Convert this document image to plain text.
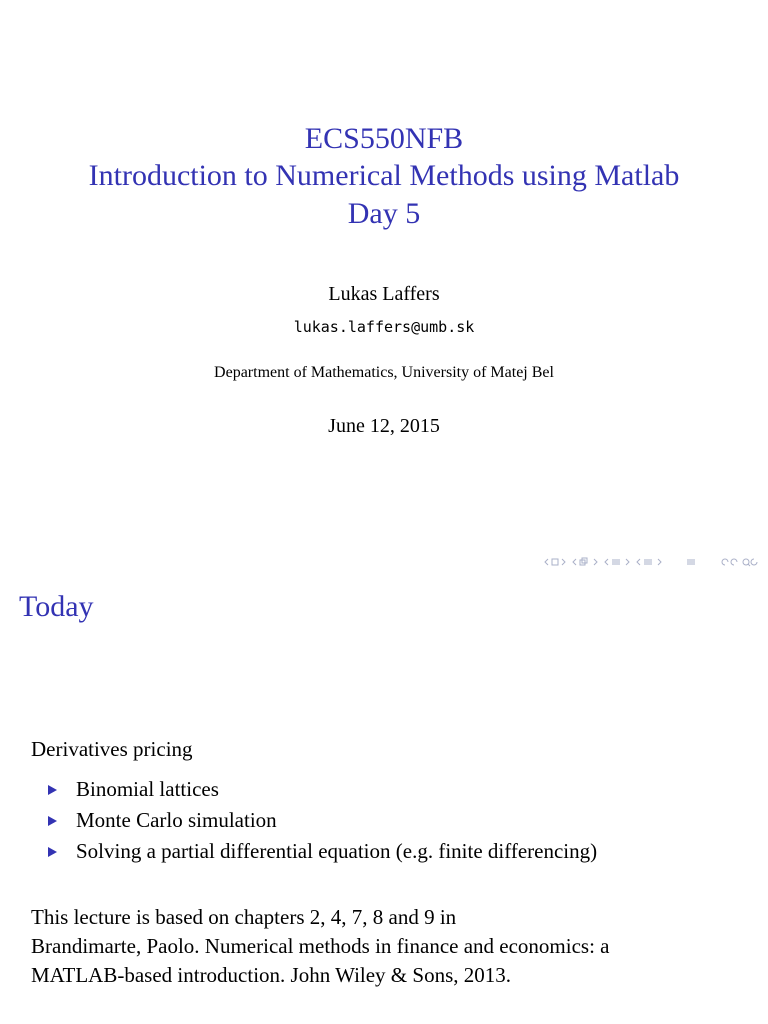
ECS550NFB
Introduction to Numerical Methods using Matlab
Day 5
Lukas Laffers
lukas.laffers@umb.sk
Department of Mathematics, University of Matej Bel
June 12, 2015
Today
Derivatives pricing
Binomial lattices
Monte Carlo simulation
Solving a partial differential equation (e.g. finite differencing)
This lecture is based on chapters 2, 4, 7, 8 and 9 in
Brandimarte, Paolo. Numerical methods in finance and economics: a
MATLAB-based introduction. John Wiley & Sons, 2013.
